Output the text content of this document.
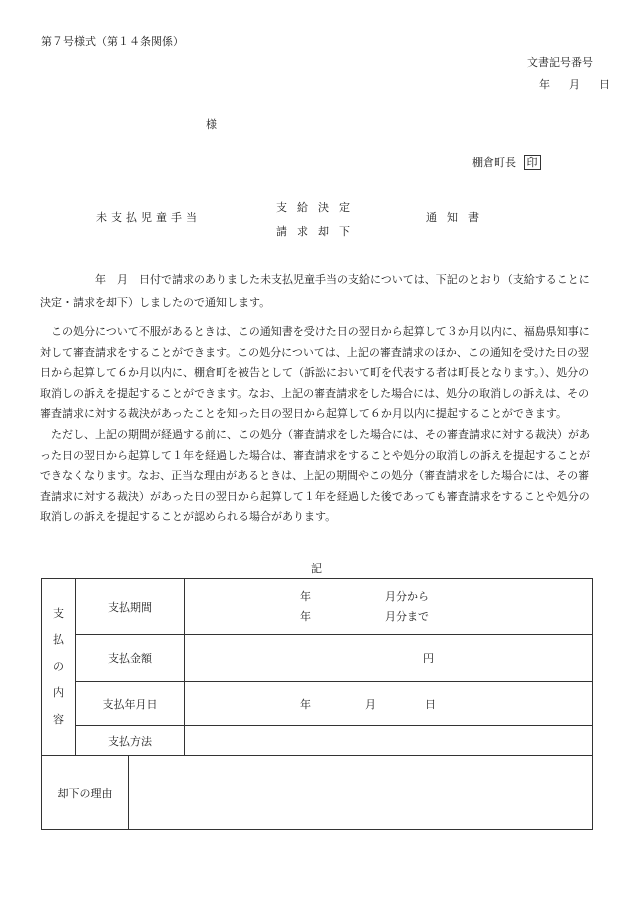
第７号様式（第１４条関係）
文書記号番号
年　月　日
様
棚倉町長 印
未支払児童手当
支給決定
請求却下
通知書

年　月　日付で請求のありました未支払児童手当の支給については、下記のとおり（支給することに決定・請求を却下）しましたので通知します。

この処分について不服があるときは、この通知書を受けた日の翌日から起算して３か月以内に、福島県知事に対して審査請求をすることができます。この処分については、上記の審査請求のほか、この通知を受けた日の翌日から起算して６か月以内に、棚倉町を被告として（訴訟において町を代表する者は町長となります。）、処分の取消しの訴えを提起することができます。なお、上記の審査請求をした場合には、処分の取消しの訴えは、その審査請求に対する裁決があったことを知った日の翌日から起算して６か月以内に提起することができます。

ただし、上記の期間が経過する前に、この処分（審査請求をした場合には、その審査請求に対する裁決）があった日の翌日から起算して１年を経過した場合は、審査請求をすることや処分の取消しの訴えを提起することができなくなります。なお、正当な理由があるときは、上記の期間やこの処分（審査請求をした場合には、その審査請求に対する裁決）があった日の翌日から起算して１年を経過した後であっても審査請求をすることや処分の取消しの訴えを提起することが認められる場合があります。

記
支
払
の
内
容	支払期間		年 月分から
年 月分まで

	支払金額		円

	支払年月日		年 月 日

	支払方法		
却下の理由			
